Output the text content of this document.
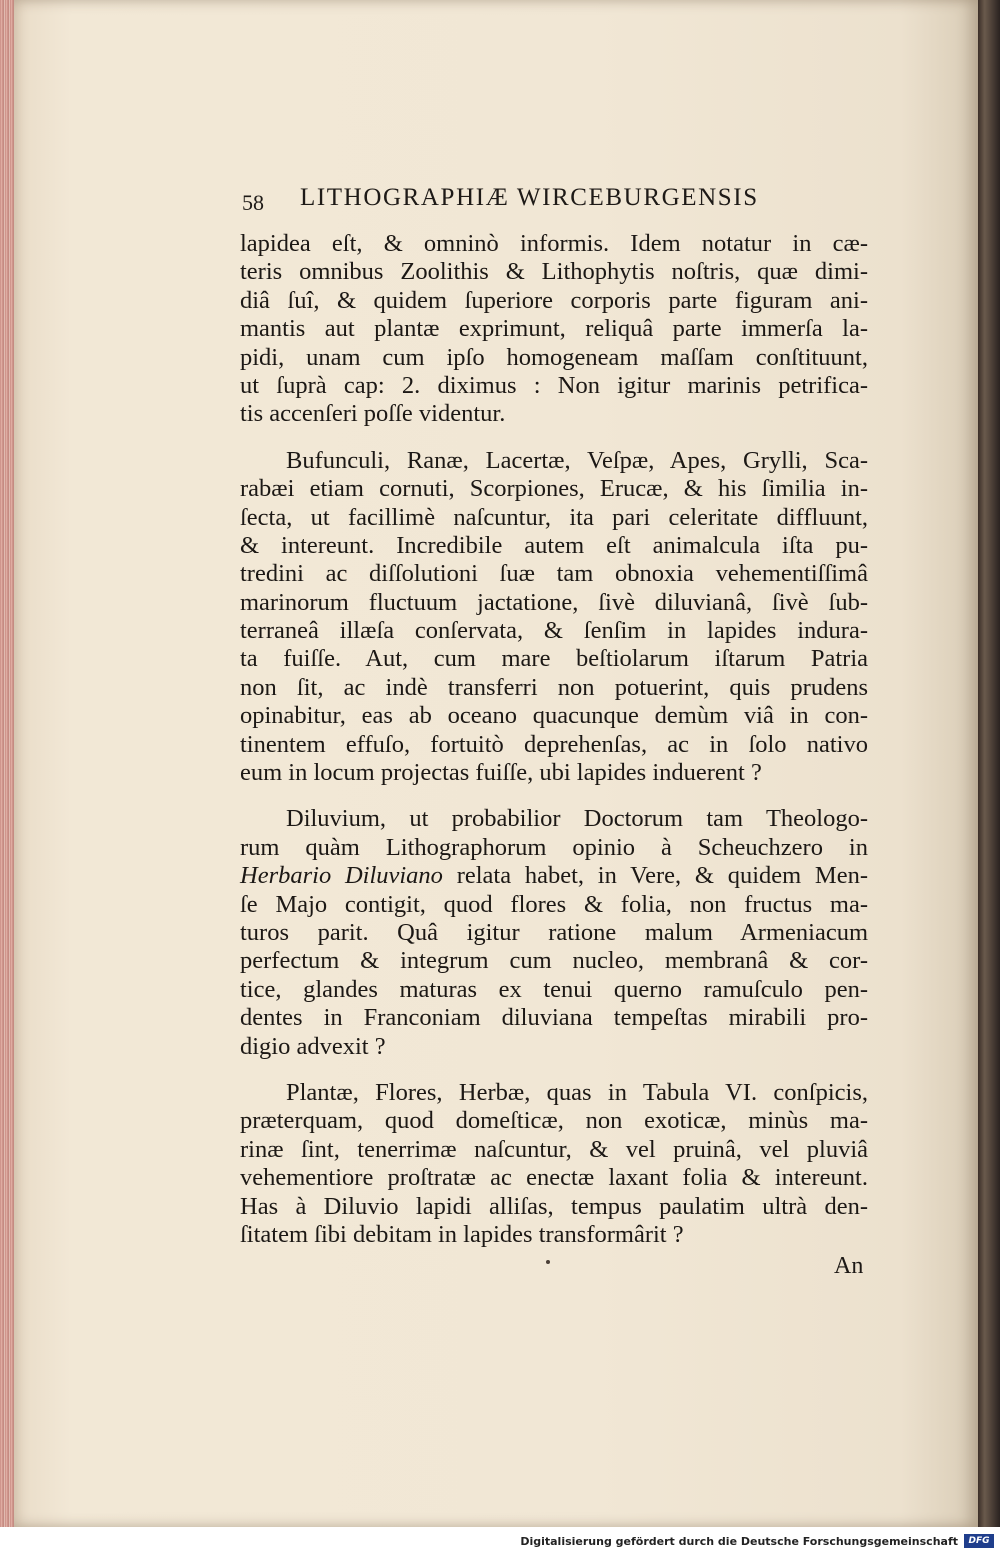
58 LITHOGRAPHIÆ WIRCEBURGENSIS
lapidea eſt, & omninò informis. Idem notatur in cæ-
teris omnibus Zoolithis & Lithophytis noſtris, quæ dimi-
diâ ſuî, & quidem ſuperiore corporis parte figuram ani-
mantis aut plantæ exprimunt, reliquâ parte immerſa la-
pidi, unam cum ipſo homogeneam maſſam conſtituunt,
ut ſuprà cap: 2. diximus : Non igitur marinis petrifica-
tis accenſeri poſſe videntur.
Bufunculi, Ranæ, Lacertæ, Veſpæ, Apes, Grylli, Sca-
rabæi etiam cornuti, Scorpiones, Erucæ, & his ſimilia in-
ſecta, ut facillimè naſcuntur, ita pari celeritate diffluunt,
& intereunt. Incredibile autem eſt animalcula iſta pu-
tredini ac diſſolutioni ſuæ tam obnoxia vehementiſſimâ
marinorum fluctuum jactatione, ſivè diluvianâ, ſivè ſub-
terraneâ illæſa conſervata, & ſenſim in lapides indura-
ta fuiſſe. Aut, cum mare beſtiolarum iſtarum Patria
non ſit, ac indè transferri non potuerint, quis prudens
opinabitur, eas ab oceano quacunque demùm viâ in con-
tinentem effuſo, fortuitò deprehenſas, ac in ſolo nativo
eum in locum projectas fuiſſe, ubi lapides induerent ?
Diluvium, ut probabilior Doctorum tam Theologo-
rum quàm Lithographorum opinio à Scheuchzero in
Herbario Diluviano relata habet, in Vere, & quidem Men-
ſe Majo contigit, quod flores & folia, non fructus ma-
turos parit. Quâ igitur ratione malum Armeniacum
perfectum & integrum cum nucleo, membranâ & cor-
tice, glandes maturas ex tenui querno ramuſculo pen-
dentes in Franconiam diluviana tempeſtas mirabili pro-
digio advexit ?
Plantæ, Flores, Herbæ, quas in Tabula VI. conſpicis,
præterquam, quod domeſticæ, non exoticæ, minùs ma-
rinæ ſint, tenerrimæ naſcuntur, & vel pruinâ, vel pluviâ
vehementiore proſtratæ ac enectæ laxant folia & intereunt.
Has à Diluvio lapidi alliſas, tempus paulatim ultrà den-
ſitatem ſibi debitam in lapides transformârit ?
An
Digitalisierung gefördert durch die Deutsche Forschungsgemeinschaft	DFG
